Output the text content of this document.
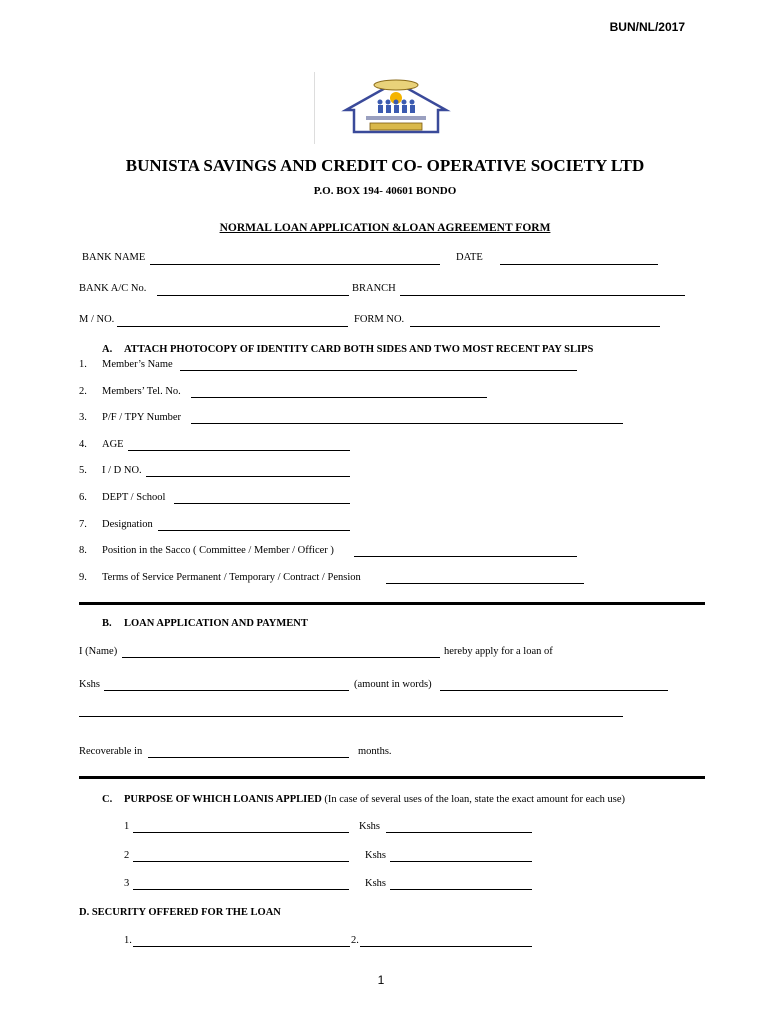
BUN/NL/2017
BUNISTA SAVINGS AND CREDIT CO- OPERATIVE SOCIETY LTD
P.O. BOX 194- 40601 BONDO
NORMAL LOAN APPLICATION &LOAN AGREEMENT FORM
BANK NAME	DATE
BANK A/C No.	BRANCH
M / NO.	FORM NO.
A. ATTACH PHOTOCOPY OF IDENTITY CARD BOTH SIDES AND TWO MOST RECENT PAY SLIPS
1. Member’s Name
2. Members’ Tel. No.
3. P/F / TPY Number
4. AGE
5. I / D NO.
6. DEPT / School
7. Designation
8. Position in the Sacco ( Committee / Member / Officer )
9. Terms of Service Permanent / Temporary / Contract / Pension
B. LOAN APPLICATION AND PAYMENT
I (Name)	hereby apply for a loan of
Kshs	(amount in words)
Recoverable in	months.
C. PURPOSE OF WHICH LOANIS APPLIED (In case of several uses of the loan, state the exact amount for each use)
1	Kshs
2	Kshs
3	Kshs
D. SECURITY OFFERED FOR THE LOAN
1.	2.
1
